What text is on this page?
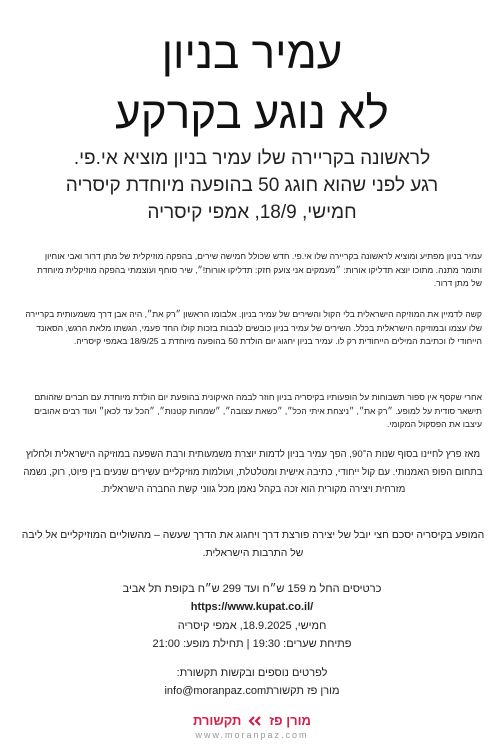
עמיר בניון
לא נוגע בקרקע
לראשונה בקריירה שלו עמיר בניון מוציא אי.פי.
רגע לפני שהוא חוגג 50 בהופעה מיוחדת קיסריה
חמישי, 18/9, אמפי קיסריה
עמיר בניון מפתיע ומוציא לראשונה בקריירה שלו אי.פי. חדש שכולל חמישה שירים, בהפקה מוזיקלית של מתן דרור ואבי אוחיון ותומר מתנה. מתוכו יוצא תדליקו אורות: ״מעמקים אני צועק חזק: תדליקו אורות!״, שיר סוחף ועוצמתי בהפקה מוזיקלית מיוחדת של מתן דרור.
קשה לדמיין את המוזיקה הישראלית בלי הקול והשירים של עמיר בניון. אלבומו הראשון ״רק את״, היה אבן דרך משמעותית בקריירה שלו עצמו ובמוזיקה הישראלית בכלל. השירים של עמיר בניון כובשים לבבות בזכות קולו החד פעמי, הגשתו מלאת הרגש, הסאונד הייחודי לו וכתיבת המילים הייחודית רק לו. עמיר בניון יחגוג יום הולדת 50 בהופעה מיוחדת ב 18/9/25 באמפי קיסריה.
אחרי שקסף אין ספור תשבוחות על הופעותיו בקיסריה בניון חוזר לבמה האיקונית בהופעת יום הולדת מיוחדת עם חברים שזהותם תישאר סודית על למופע. ״רק את״, ״ניצחת איתי הכל״, ״כשאת עצובה״, ״שמחות קטנות״, ״הכל עד לכאן״ ועוד רבים אהובים עיצבו את הפסקול המקומי.
מאז פרץ לחיינו בסוף שנות ה־90, הפך עמיר בניון לדמות יוצרת משמעותית ורבת השפעה במוזיקה הישראלית ולחלוץ בתחום הפופ האמנותי. עם קול ייחודי, כתיבה אישית ומטלטלת, ועולמות מוזיקליים עשירים שנעים בין פיוט, רוק, נשמה מזרחית ויצירה מקורית הוא זכה בקהל נאמן מכל גווני קשת החברה הישראלית.
המופע בקיסריה יסכם חצי יובל של יצירה פורצת דרך ויחגוג את הדרך שעשה – מהשוליים המוזיקליים אל ליבה של התרבות הישראלית.
כרטיסים החל מ 159 ש״ח ועד 299 ש״ח בקופת תל אביב
https://www.kupat.co.il/
חמישי, 18.9.2025, אמפי קיסריה
פתיחת שערים: 19:30 | תחילת מופע: 21:00
לפרטים נוספים ובקשות תקשורת:
מורן פז תקשורתinfo@moranpaz.com
מורן פז
תקשורת
www.moranpaz.com
